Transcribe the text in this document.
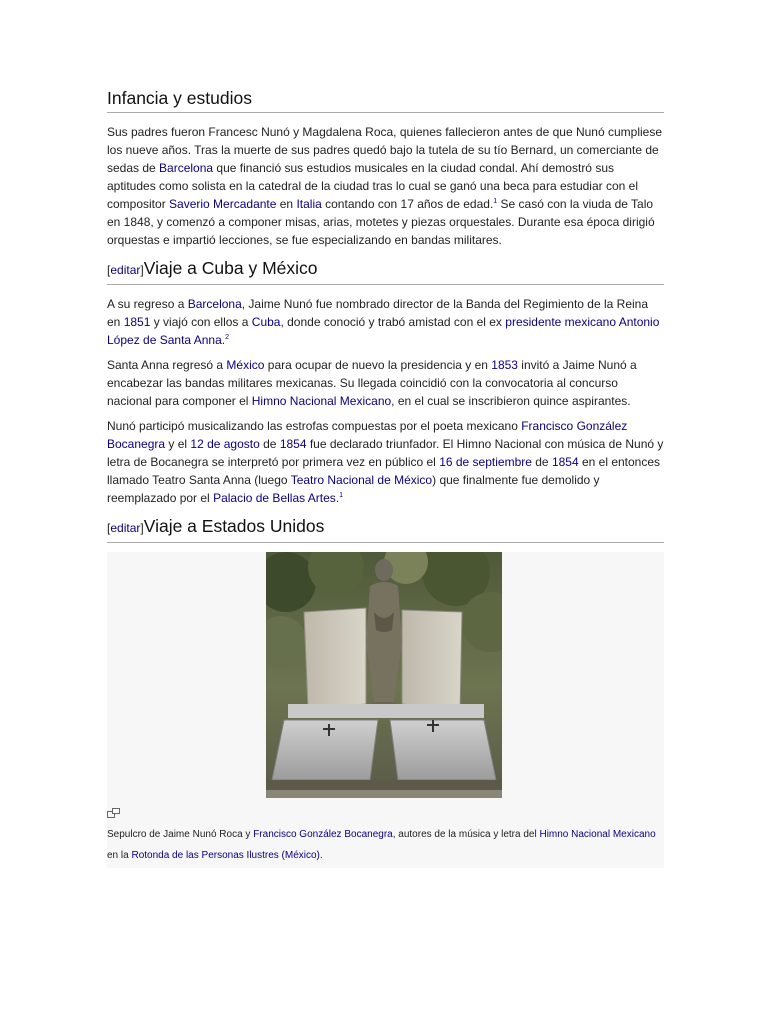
Infancia y estudios

Sus padres fueron Francesc Nunó y Magdalena Roca, quienes fallecieron antes de que Nunó cumpliese los nueve años. Tras la muerte de sus padres quedó bajo la tutela de su tío Bernard, un comerciante de sedas de Barcelona que financió sus estudios musicales en la ciudad condal. Ahí demostró sus aptitudes como solista en la catedral de la ciudad tras lo cual se ganó una beca para estudiar con el compositor Saverio Mercadante en Italia contando con 17 años de edad.$^1$ Se casó con la viuda de Talo en 1848, y comenzó a componer misas, arias, motetes y piezas orquestales. Durante esa época dirigió orquestas e impartió lecciones, se fue especializando en bandas militares.

[editar]Viaje a Cuba y México

A su regreso a Barcelona, Jaime Nunó fue nombrado director de la Banda del Regimiento de la Reina en 1851 y viajó con ellos a Cuba, donde conoció y trabó amistad con el ex presidente mexicano Antonio López de Santa Anna.$^2$

Santa Anna regresó a México para ocupar de nuevo la presidencia y en 1853 invitó a Jaime Nunó a encabezar las bandas militares mexicanas. Su llegada coincidió con la convocatoria al concurso nacional para componer el Himno Nacional Mexicano, en el cual se inscribieron quince aspirantes.

Nunó participó musicalizando las estrofas compuestas por el poeta mexicano Francisco González Bocanegra y el 12 de agosto de 1854 fue declarado triunfador. El Himno Nacional con música de Nunó y letra de Bocanegra se interpretó por primera vez en público el 16 de septiembre de 1854 en el entonces llamado Teatro Santa Anna (luego Teatro Nacional de México) que finalmente fue demolido y reemplazado por el Palacio de Bellas Artes.$^1$

[editar]Viaje a Estados Unidos
Sepulcro de Jaime Nunó Roca y Francisco González Bocanegra, autores de la música y letra del Himno Nacional Mexicano en la Rotonda de las Personas Ilustres (México).
